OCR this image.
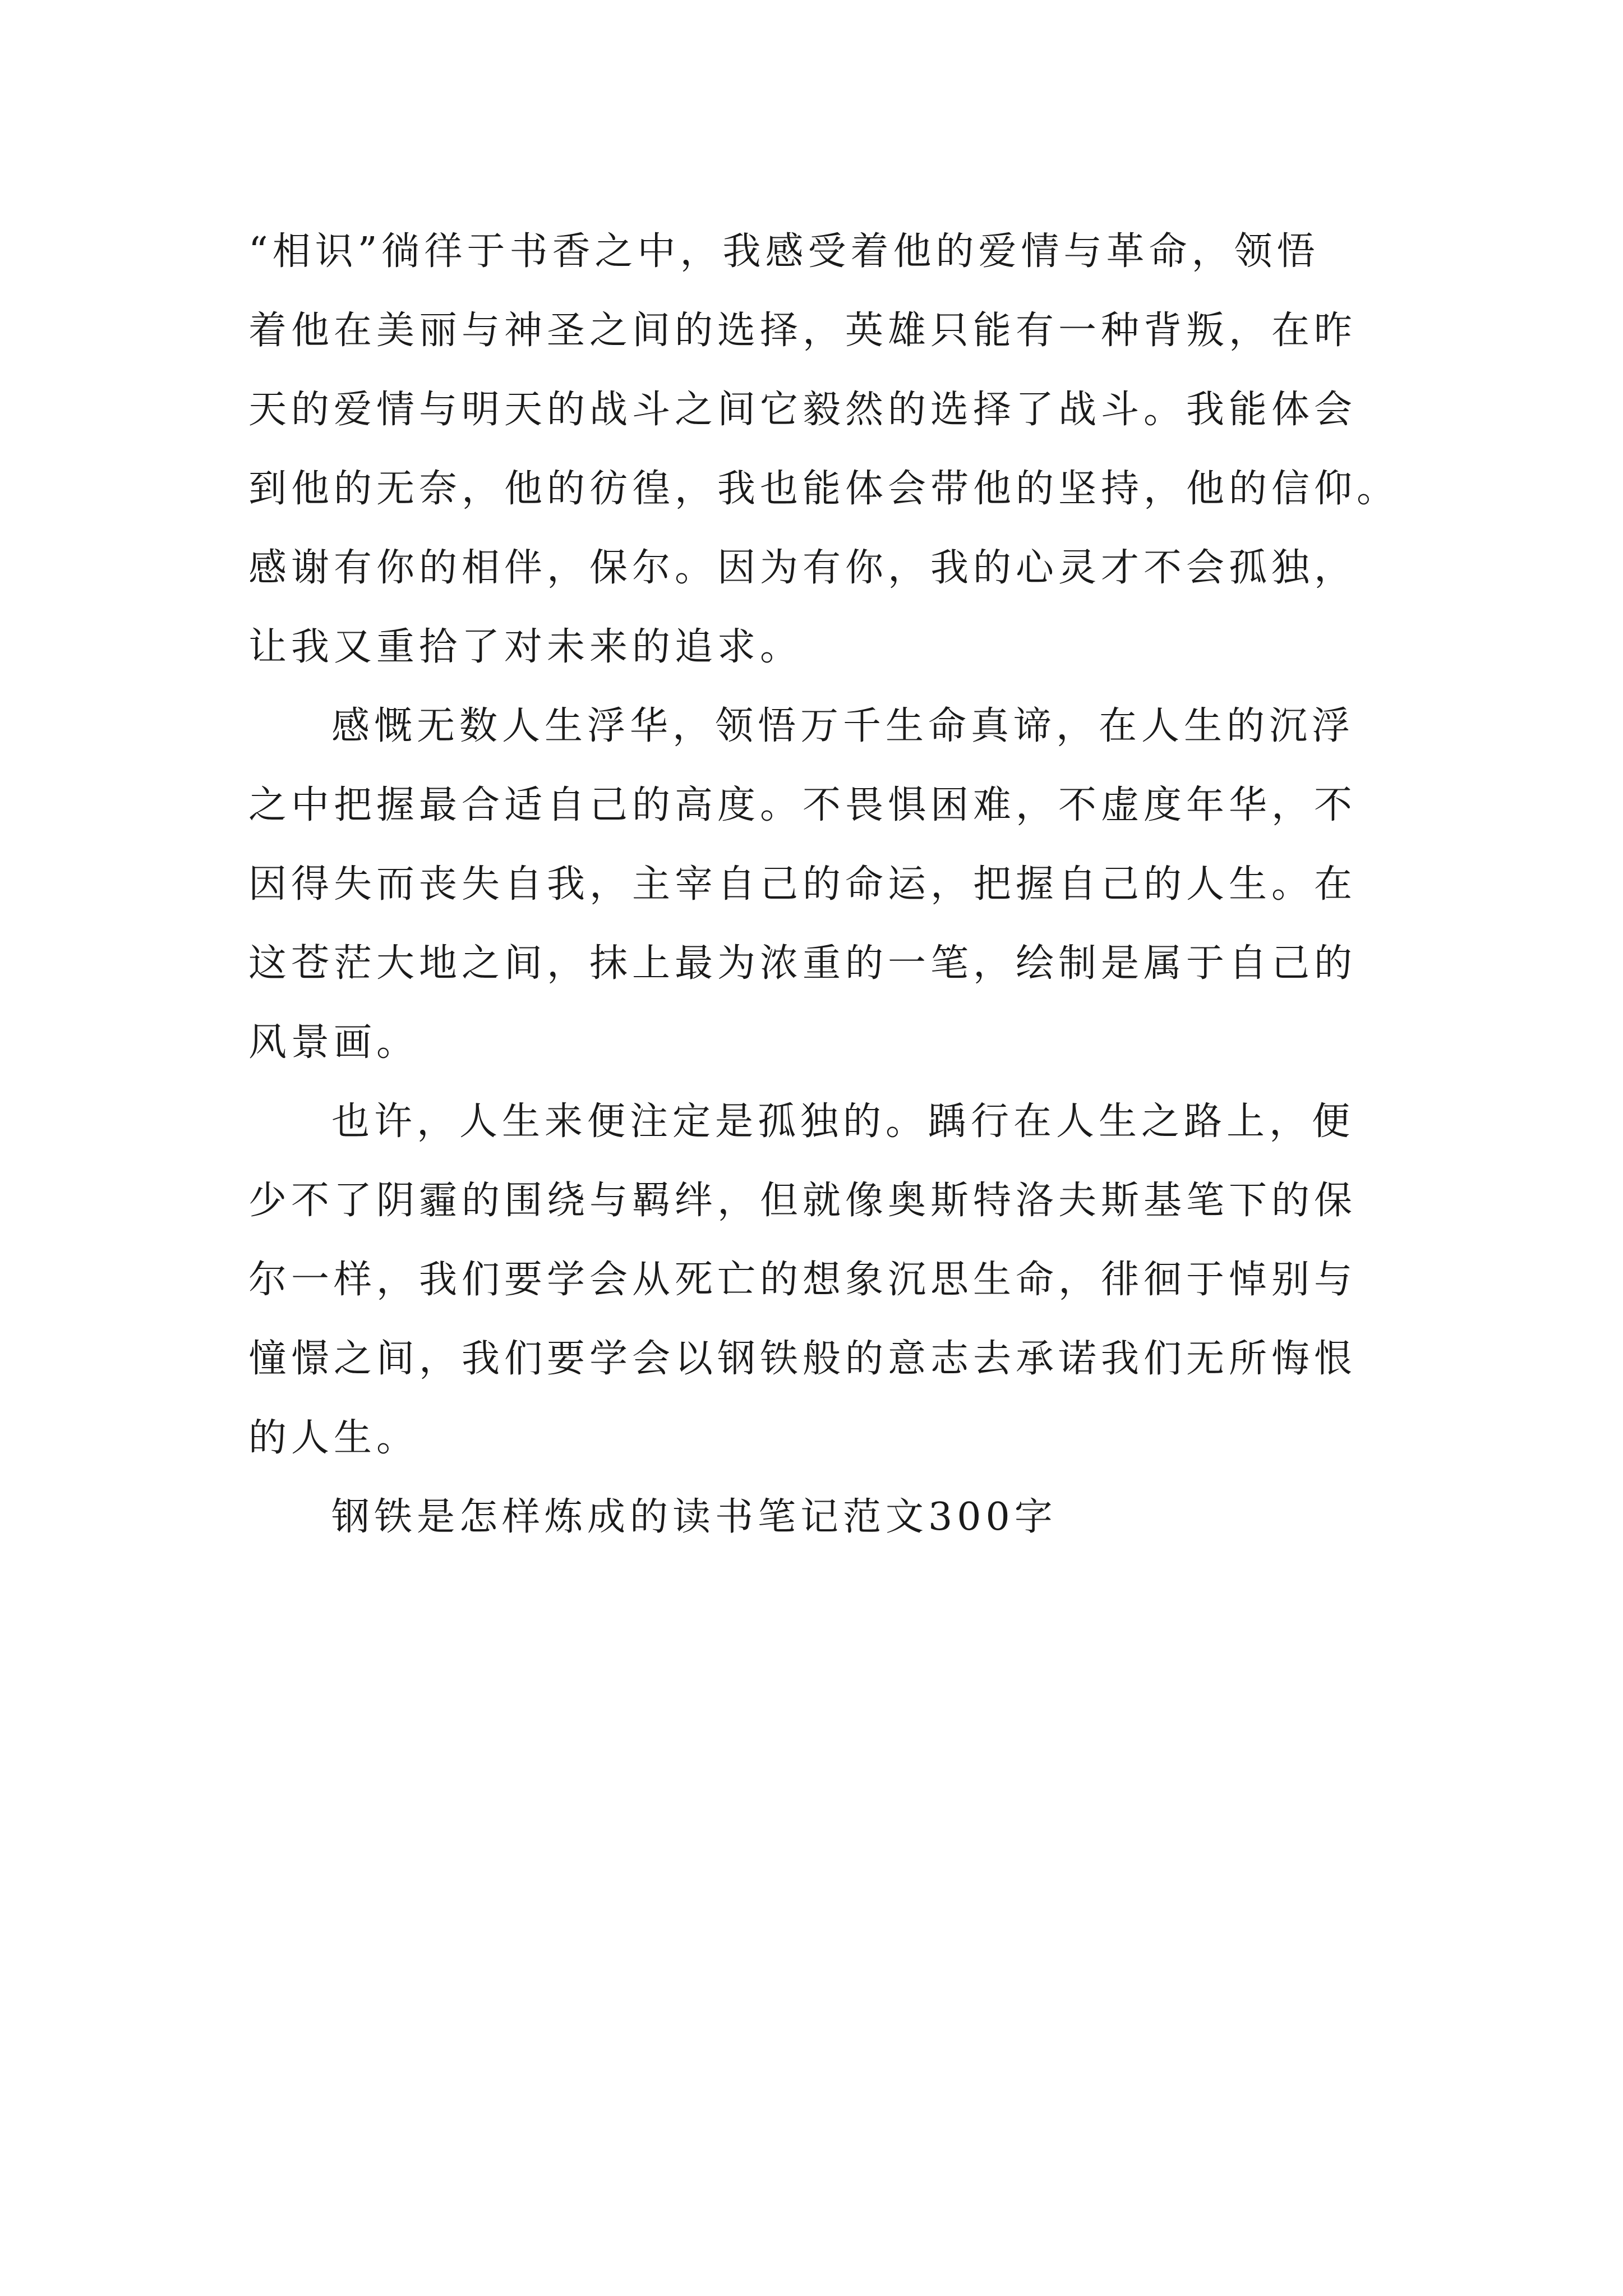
“相识”徜徉于书香之中，我感受着他的爱情与革命，领悟
着他在美丽与神圣之间的选择，英雄只能有一种背叛，在昨
天的爱情与明天的战斗之间它毅然的选择了战斗。我能体会
到他的无奈，他的彷徨，我也能体会带他的坚持，他的信仰。
感谢有你的相伴，保尔。因为有你，我的心灵才不会孤独，
让我又重拾了对未来的追求。
感慨无数人生浮华，领悟万千生命真谛，在人生的沉浮
之中把握最合适自己的高度。不畏惧困难，不虚度年华，不
因得失而丧失自我，主宰自己的命运，把握自己的人生。在
这苍茫大地之间，抹上最为浓重的一笔，绘制是属于自己的
风景画。
也许，人生来便注定是孤独的。踽行在人生之路上，便
少不了阴霾的围绕与羁绊，但就像奥斯特洛夫斯基笔下的保
尔一样，我们要学会从死亡的想象沉思生命，徘徊于悼别与
憧憬之间，我们要学会以钢铁般的意志去承诺我们无所悔恨
的人生。
钢铁是怎样炼成的读书笔记范文300字
